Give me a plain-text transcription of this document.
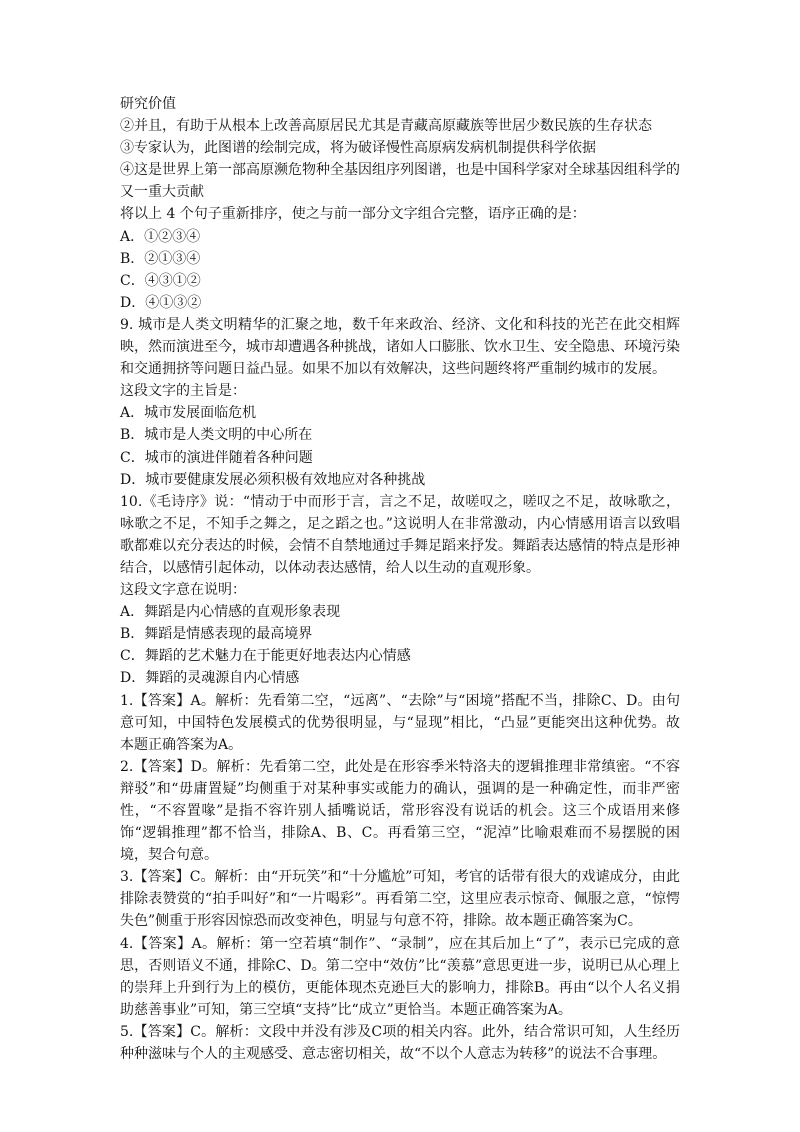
研究价值
②并且，有助于从根本上改善高原居民尤其是青藏高原藏族等世居少数民族的生存状态
③专家认为，此图谱的绘制完成，将为破译慢性高原病发病机制提供科学依据
④这是世界上第一部高原濒危物种全基因组序列图谱，也是中国科学家对全球基因组科学的又一重大贡献
将以上 4 个句子重新排序，使之与前一部分文字组合完整，语序正确的是：
A．①②③④
B．②①③④
C．④③①②
D．④①③②
9. 城市是人类文明精华的汇聚之地，数千年来政治、经济、文化和科技的光芒在此交相辉映，然而演进至今，城市却遭遇各种挑战，诸如人口膨胀、饮水卫生、安全隐患、环境污染和交通拥挤等问题日益凸显。如果不加以有效解决，这些问题终将严重制约城市的发展。
这段文字的主旨是：
A．城市发展面临危机
B．城市是人类文明的中心所在
C．城市的演进伴随着各种问题
D．城市要健康发展必须积极有效地应对各种挑战
10.《毛诗序》说：“情动于中而形于言，言之不足，故嗟叹之，嗟叹之不足，故咏歌之，咏歌之不足，不知手之舞之，足之蹈之也。”这说明人在非常激动，内心情感用语言以致唱歌都难以充分表达的时候，会情不自禁地通过手舞足蹈来抒发。舞蹈表达感情的特点是形神结合，以感情引起体动，以体动表达感情，给人以生动的直观形象。
这段文字意在说明：
A．舞蹈是内心情感的直观形象表现
B．舞蹈是情感表现的最高境界
C．舞蹈的艺术魅力在于能更好地表达内心情感
D．舞蹈的灵魂源自内心情感
1.【答案】A。解析：先看第二空，“远离”、“去除”与“困境”搭配不当，排除C、D。由句意可知，中国特色发展模式的优势很明显，与“显现”相比，“凸显”更能突出这种优势。故本题正确答案为A。
2.【答案】D。解析：先看第二空，此处是在形容季米特洛夫的逻辑推理非常缜密。“不容辩驳”和“毋庸置疑”均侧重于对某种事实或能力的确认，强调的是一种确定性，而非严密性，“不容置喙”是指不容许别人插嘴说话，常形容没有说话的机会。这三个成语用来修饰“逻辑推理”都不恰当，排除A、B、C。再看第三空，“泥淖”比喻艰难而不易摆脱的困境，契合句意。
3.【答案】C。解析：由“开玩笑”和“十分尴尬”可知，考官的话带有很大的戏谑成分，由此排除表赞赏的“拍手叫好”和“一片喝彩”。再看第二空，这里应表示惊奇、佩服之意，“惊愕失色”侧重于形容因惊恐而改变神色，明显与句意不符，排除。故本题正确答案为C。
4.【答案】A。解析：第一空若填“制作”、“录制”，应在其后加上“了”，表示已完成的意思，否则语义不通，排除C、D。第二空中“效仿”比“羡慕”意思更进一步，说明已从心理上的崇拜上升到行为上的模仿，更能体现杰克逊巨大的影响力，排除B。再由“以个人名义捐助慈善事业”可知，第三空填“支持”比“成立”更恰当。本题正确答案为A。
5.【答案】C。解析：文段中并没有涉及C项的相关内容。此外，结合常识可知，人生经历种种滋味与个人的主观感受、意志密切相关，故“不以个人意志为转移”的说法不合事理。
